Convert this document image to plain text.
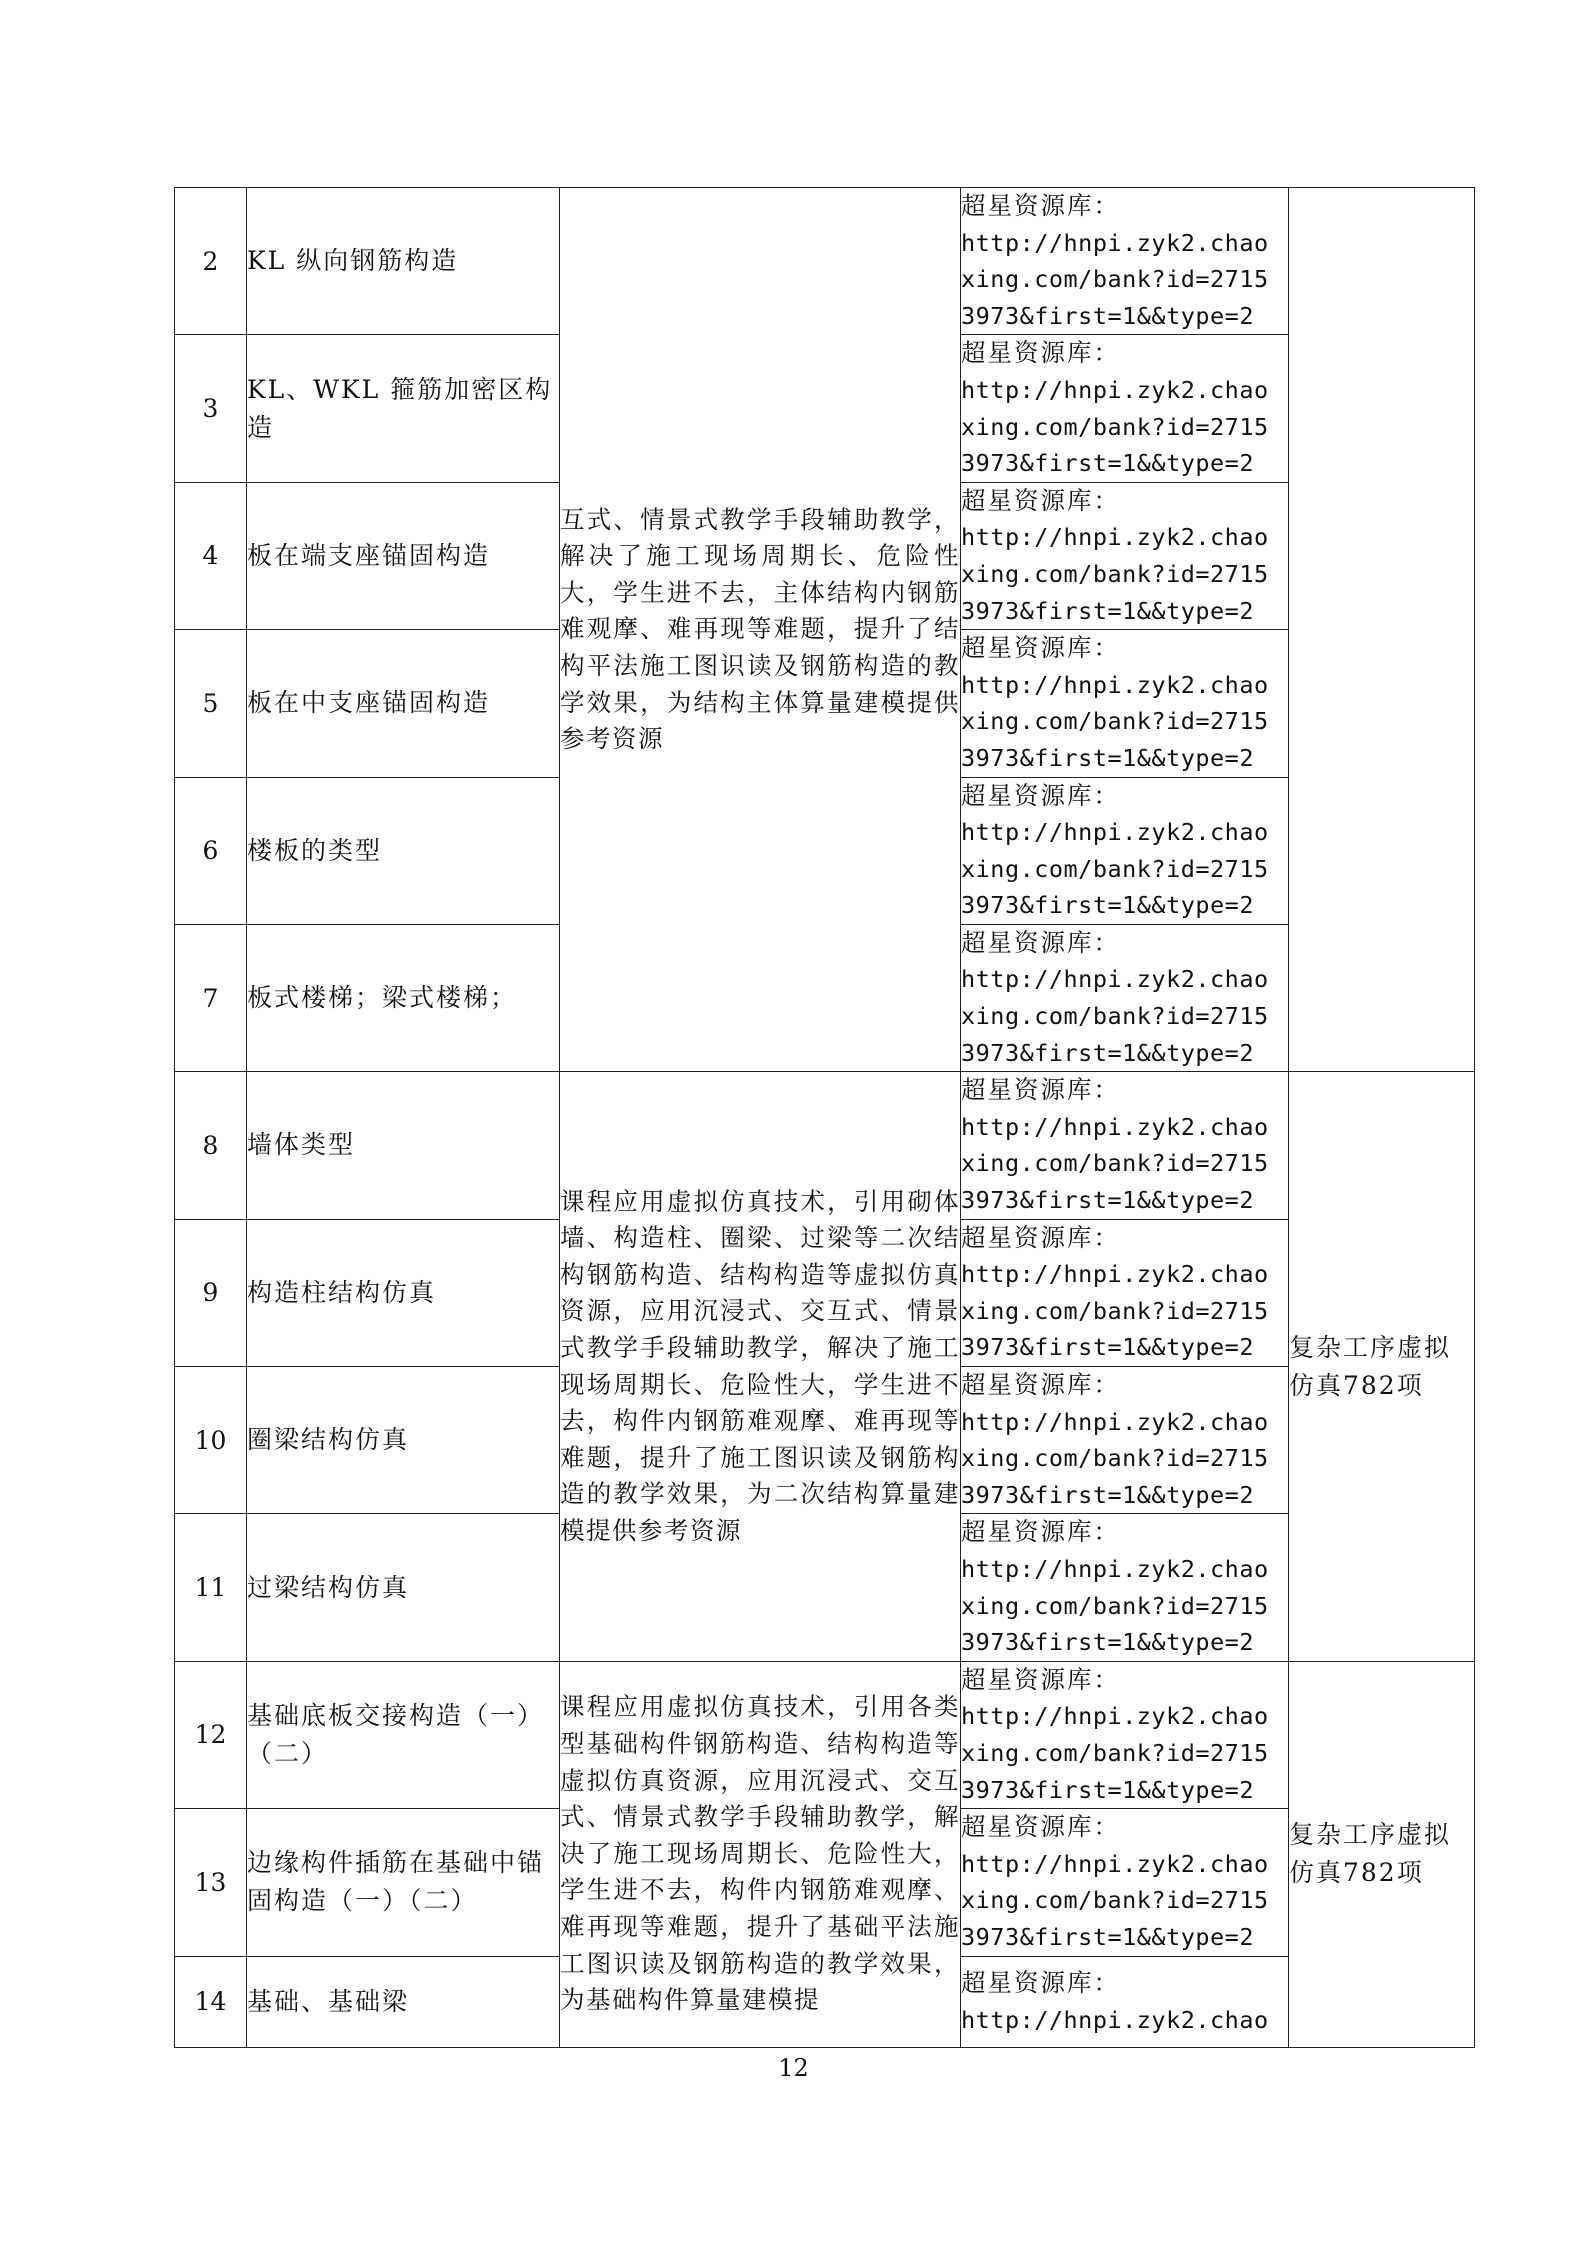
2	KL 纵向钢筋构造	互式、情景式教学手段辅助教学，解决了施工现场周期长、危险性大，学生进不去，主体结构内钢筋难观摩、难再现等难题，提升了结构平法施工图识读及钢筋构造的教学效果，为结构主体算量建模提供参考资源	超星资源库：
http://hnpi.zyk2.chao
xing.com/bank?id=2715
3973&first=1&&type=2	

3	KL、WKL 箍筋加密区构造		超星资源库：
http://hnpi.zyk2.chao
xing.com/bank?id=2715
3973&first=1&&type=2	

4	板在端支座锚固构造		超星资源库：
http://hnpi.zyk2.chao
xing.com/bank?id=2715
3973&first=1&&type=2	

5	板在中支座锚固构造		超星资源库：
http://hnpi.zyk2.chao
xing.com/bank?id=2715
3973&first=1&&type=2	

6	楼板的类型		超星资源库：
http://hnpi.zyk2.chao
xing.com/bank?id=2715
3973&first=1&&type=2	

7	板式楼梯；梁式楼梯；		超星资源库：
http://hnpi.zyk2.chao
xing.com/bank?id=2715
3973&first=1&&type=2	

8	墙体类型	课程应用虚拟仿真技术，引用砌体墙、构造柱、圈梁、过梁等二次结构钢筋构造、结构构造等虚拟仿真资源，应用沉浸式、交互式、情景式教学手段辅助教学，解决了施工现场周期长、危险性大，学生进不去，构件内钢筋难观摩、难再现等难题，提升了施工图识读及钢筋构造的教学效果，为二次结构算量建模提供参考资源	超星资源库：
http://hnpi.zyk2.chao
xing.com/bank?id=2715
3973&first=1&&type=2	复杂工序虚拟仿真782项
9	构造柱结构仿真		超星资源库：
http://hnpi.zyk2.chao
xing.com/bank?id=2715
3973&first=1&&type=2	

10	圈梁结构仿真		超星资源库：
http://hnpi.zyk2.chao
xing.com/bank?id=2715
3973&first=1&&type=2	

11	过梁结构仿真		超星资源库：
http://hnpi.zyk2.chao
xing.com/bank?id=2715
3973&first=1&&type=2	

12	基础底板交接构造（一）（二）	课程应用虚拟仿真技术，引用各类型基础构件钢筋构造、结构构造等虚拟仿真资源，应用沉浸式、交互式、情景式教学手段辅助教学，解决了施工现场周期长、危险性大，学生进不去，构件内钢筋难观摩、难再现等难题，提升了基础平法施工图识读及钢筋构造的教学效果，为基础构件算量建模提	超星资源库：
http://hnpi.zyk2.chao
xing.com/bank?id=2715
3973&first=1&&type=2	复杂工序虚拟仿真782项
13	边缘构件插筋在基础中锚固构造（一）（二）		超星资源库：
http://hnpi.zyk2.chao
xing.com/bank?id=2715
3973&first=1&&type=2	

14	基础、基础梁		超星资源库：
http://hnpi.zyk2.chao	
12
